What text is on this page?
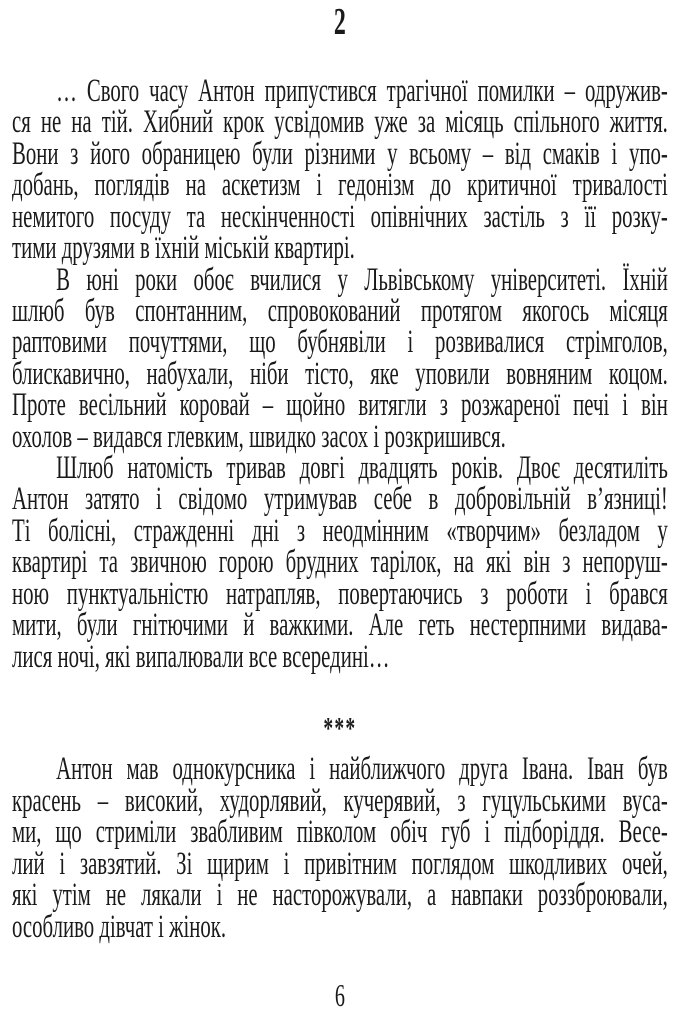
2
… Свого часу Антон припустився трагічної помилки – одружив-
ся не на тій. Хибний крок усвідомив уже за місяць спільного життя.
Вони з його обраницею були різними у всьому – від смаків і упо-
добань, поглядів на аскетизм і гедонізм до критичної тривалості
немитого посуду та нескінченності опівнічних застіль з її розку-
тими друзями в їхній міській квартирі.
В юні роки обоє вчилися у Львівському університеті. Їхній
шлюб був спонтанним, спровокований протягом якогось місяця
раптовими почуттями, що бубнявіли і розвивалися стрімголов,
блискавично, набухали, ніби тісто, яке уповили вовняним коцом.
Проте весільний коровай – щойно витягли з розжареної печі і він
охолов – видався глевким, швидко засох і розкришився.
Шлюб натомість тривав довгі двадцять років. Двоє десятиліть
Антон затято і свідомо утримував себе в добровільній в’язниці!
Ті болісні, стражденні дні з неодмінним «творчим» безладом у
квартирі та звичною горою брудних тарілок, на які він з непоруш-
ною пунктуальністю натрапляв, повертаючись з роботи і брався
мити, були гнітючими й важкими. Але геть нестерпними видава-
лися ночі, які випалювали все всередині…
***
Антон мав однокурсника і найближчого друга Івана. Іван був
красень – високий, худорлявий, кучерявий, з гуцульськими вуса-
ми, що стриміли звабливим півколом обіч губ і підборіддя. Весе-
лий і завзятий. Зі щирим і привітним поглядом шкодливих очей,
які утім не лякали і не насторожували, а навпаки роззброювали,
особливо дівчат і жінок.
6
